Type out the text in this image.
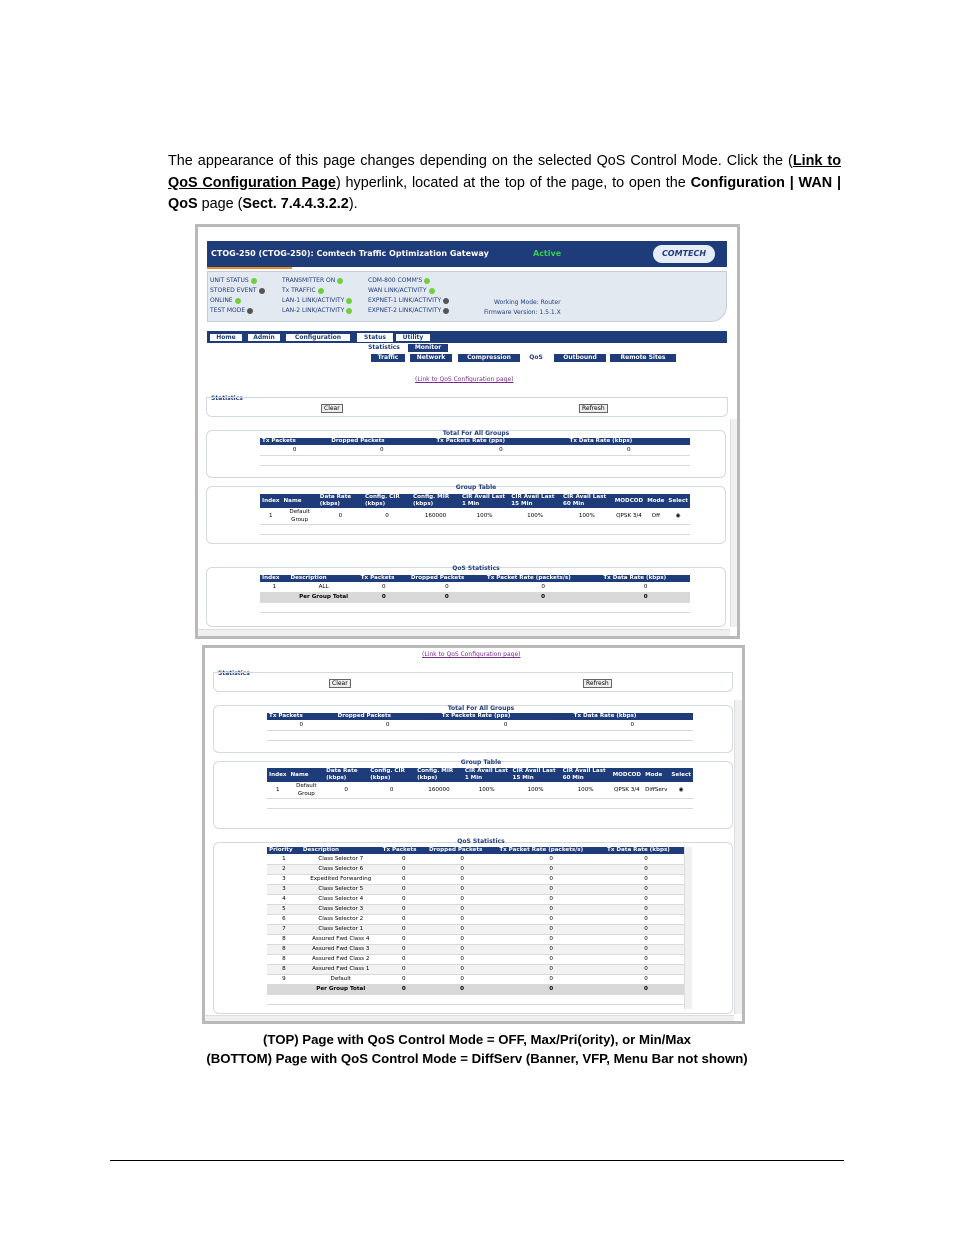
The appearance of this page changes depending on the selected QoS Control Mode. Click the (Link to QoS Configuration Page) hyperlink, located at the top of the page, to open the Configuration | WAN | QoS page (Sect. 7.4.4.3.2.2).
CTOG-250 (CTOG-250): Comtech Traffic Optimization Gateway	Active	COMTECH
UNIT STATUS
STORED EVENT
ONLINE
TEST MODE
TRANSMITTER ON
Tx TRAFFIC
LAN-1 LINK/ACTIVITY
LAN-2 LINK/ACTIVITY
CDM-800 COMM'S
WAN LINK/ACTIVITY
EXPNET-1 LINK/ACTIVITY
EXPNET-2 LINK/ACTIVITY
Working Mode: Router
Firmware Version: 1.5.1.X
Home	Admin	Configuration	Status	Utility
Statistics	Monitor
Traffic	Network	Compression	QoS	Outbound	Remote Sites
(Link to QoS Configuration page)
Statistics
Clear	Refresh
Total For All Groups
Tx Packets	Dropped Packets	Tx Packets Rate (pps)	Tx Data Rate (kbps)
0	0	0	0

Group Table
Index	Name	Data Rate (kbps)	Config. CIR (kbps)	Config. MIR (kbps)	CIR Avail Last 1 Min	CIR Avail Last 15 Min	CIR Avail Last 60 Min	MODCOD	Mode	Select
1	Default Group	0	0	160000	100%	100%	100%	QPSK 3/4	Off	◉

QoS Statistics
Index	Description	Tx Packets	Dropped Packets	Tx Packet Rate (packets/s)	Tx Data Rate (kbps)
1	ALL	0	0	0	0
	Per Group Total	0	0	0	0

(Link to QoS Configuration page)
Statistics
Clear	Refresh
Total For All Groups
Tx Packets	Dropped Packets	Tx Packets Rate (pps)	Tx Data Rate (kbps)
0	0	0	0

Group Table
Index	Name	Data Rate (kbps)	Config. CIR (kbps)	Config. MIR (kbps)	CIR Avail Last 1 Min	CIR Avail Last 15 Min	CIR Avail Last 60 Min	MODCOD	Mode	Select
1	Default Group	0	0	160000	100%	100%	100%	QPSK 3/4	DiffServ	◉

QoS Statistics
Priority	Description	Tx Packets	Dropped Packets	Tx Packet Rate (packets/s)	Tx Data Rate (kbps)
1	Class Selector 7	0	0	0	0
2	Class Selector 6	0	0	0	0
3	Expedited Forwarding	0	0	0	0
3	Class Selector 5	0	0	0	0
4	Class Selector 4	0	0	0	0
5	Class Selector 3	0	0	0	0
6	Class Selector 2	0	0	0	0
7	Class Selector 1	0	0	0	0
8	Assured Fwd Class 4	0	0	0	0
8	Assured Fwd Class 3	0	0	0	0
8	Assured Fwd Class 2	0	0	0	0
8	Assured Fwd Class 1	0	0	0	0
9	Default	0	0	0	0
	Per Group Total	0	0	0	0

(TOP) Page with QoS Control Mode = OFF, Max/Pri(ority), or Min/Max
(BOTTOM) Page with QoS Control Mode = DiffServ (Banner, VFP, Menu Bar not shown)
